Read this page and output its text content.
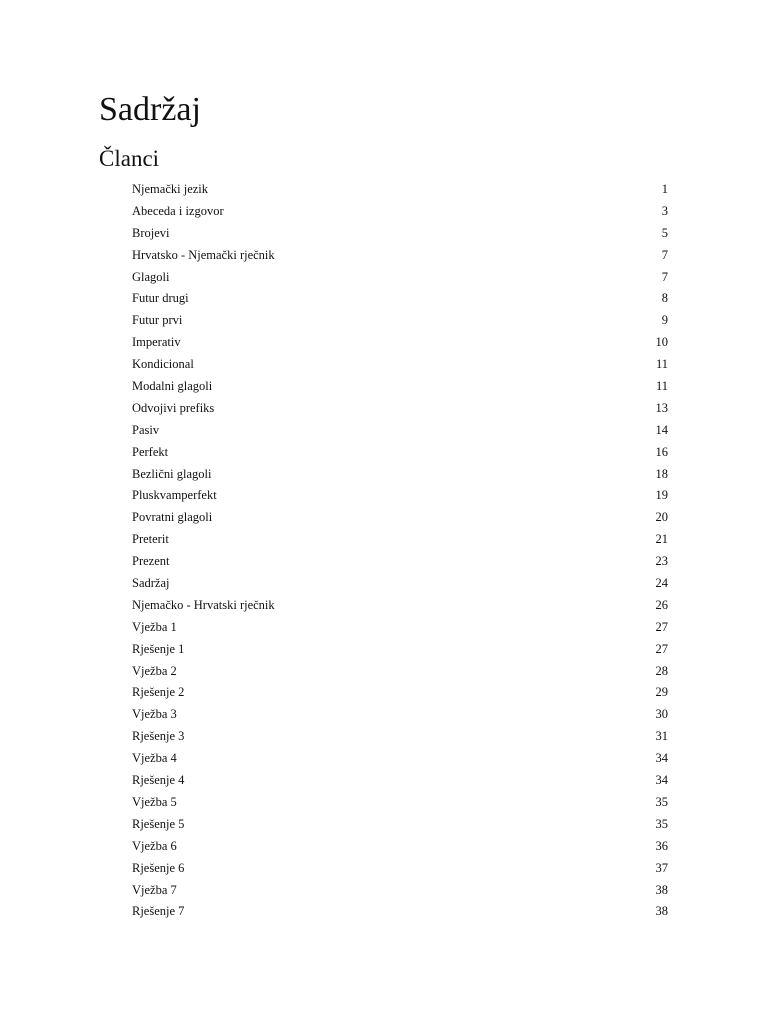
Sadržaj
Članci
Njemački jezik	1
Abeceda i izgovor	3
Brojevi	5
Hrvatsko - Njemački rječnik	7
Glagoli	7
Futur drugi	8
Futur prvi	9
Imperativ	10
Kondicional	11
Modalni glagoli	11
Odvojivi prefiks	13
Pasiv	14
Perfekt	16
Bezlični glagoli	18
Pluskvamperfekt	19
Povratni glagoli	20
Preterit	21
Prezent	23
Sadržaj	24
Njemačko - Hrvatski rječnik	26
Vježba 1	27
Rješenje 1	27
Vježba 2	28
Rješenje 2	29
Vježba 3	30
Rješenje 3	31
Vježba 4	34
Rješenje 4	34
Vježba 5	35
Rješenje 5	35
Vježba 6	36
Rješenje 6	37
Vježba 7	38
Rješenje 7	38
